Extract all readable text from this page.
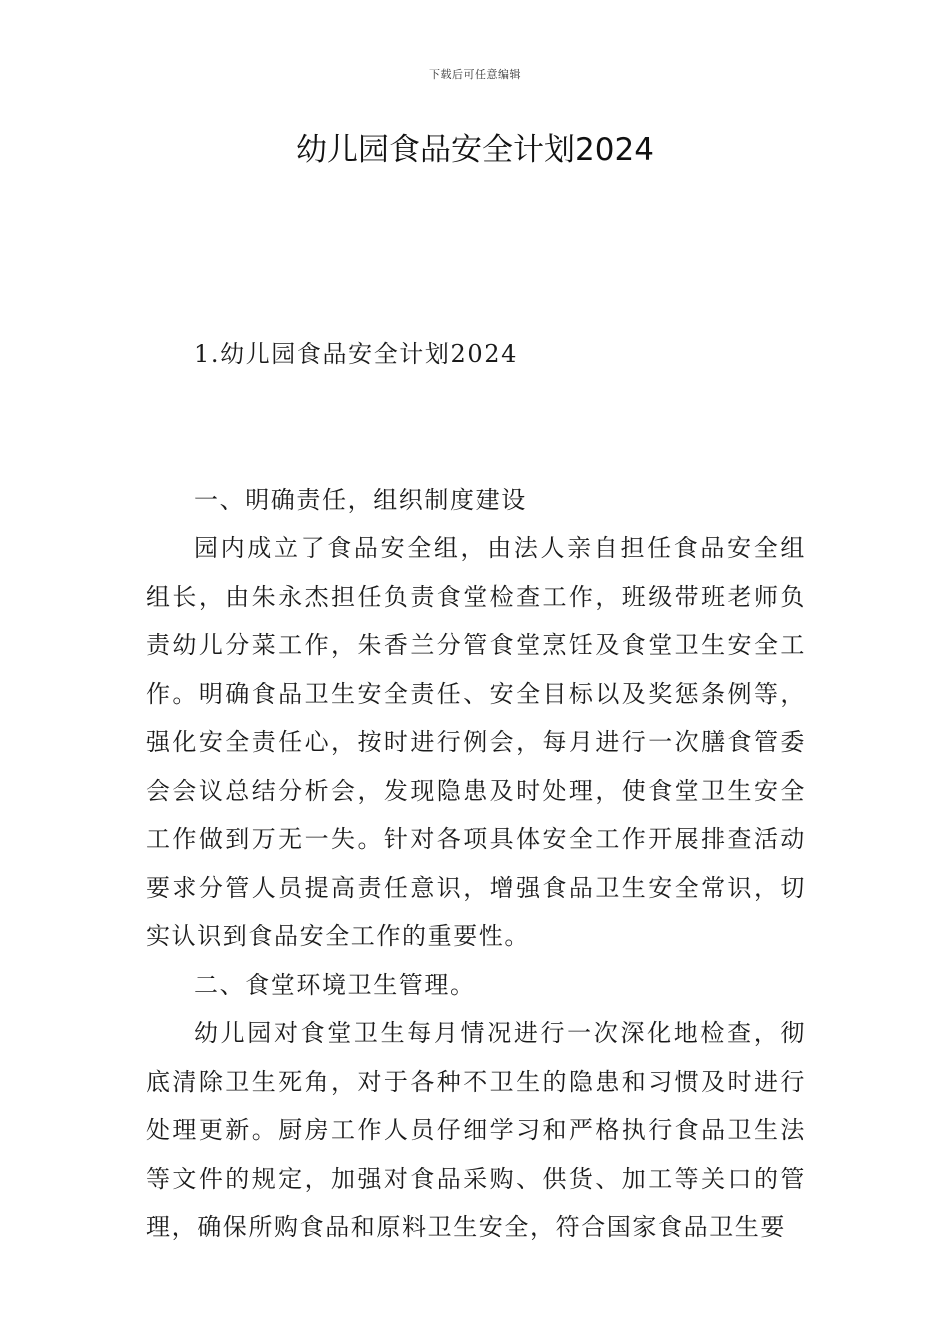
下载后可任意编辑
幼儿园食品安全计划2024

1.幼儿园食品安全计划2024

一、明确责任，组织制度建设

园内成立了食品安全组，由法人亲自担任食品安全组组长，由朱永杰担任负责食堂检查工作，班级带班老师负责幼儿分菜工作，朱香兰分管食堂烹饪及食堂卫生安全工作。明确食品卫生安全责任、安全目标以及奖惩条例等，强化安全责任心，按时进行例会，每月进行一次膳食管委会会议总结分析会，发现隐患及时处理，使食堂卫生安全工作做到万无一失。针对各项具体安全工作开展排查活动要求分管人员提高责任意识，增强食品卫生安全常识，切实认识到食品安全工作的重要性。

二、食堂环境卫生管理。

幼儿园对食堂卫生每月情况进行一次深化地检查，彻底清除卫生死角，对于各种不卫生的隐患和习惯及时进行处理更新。厨房工作人员仔细学习和严格执行食品卫生法等文件的规定，加强对食品采购、供货、加工等关口的管理，确保所购食品和原料卫生安全，符合国家食品卫生要
